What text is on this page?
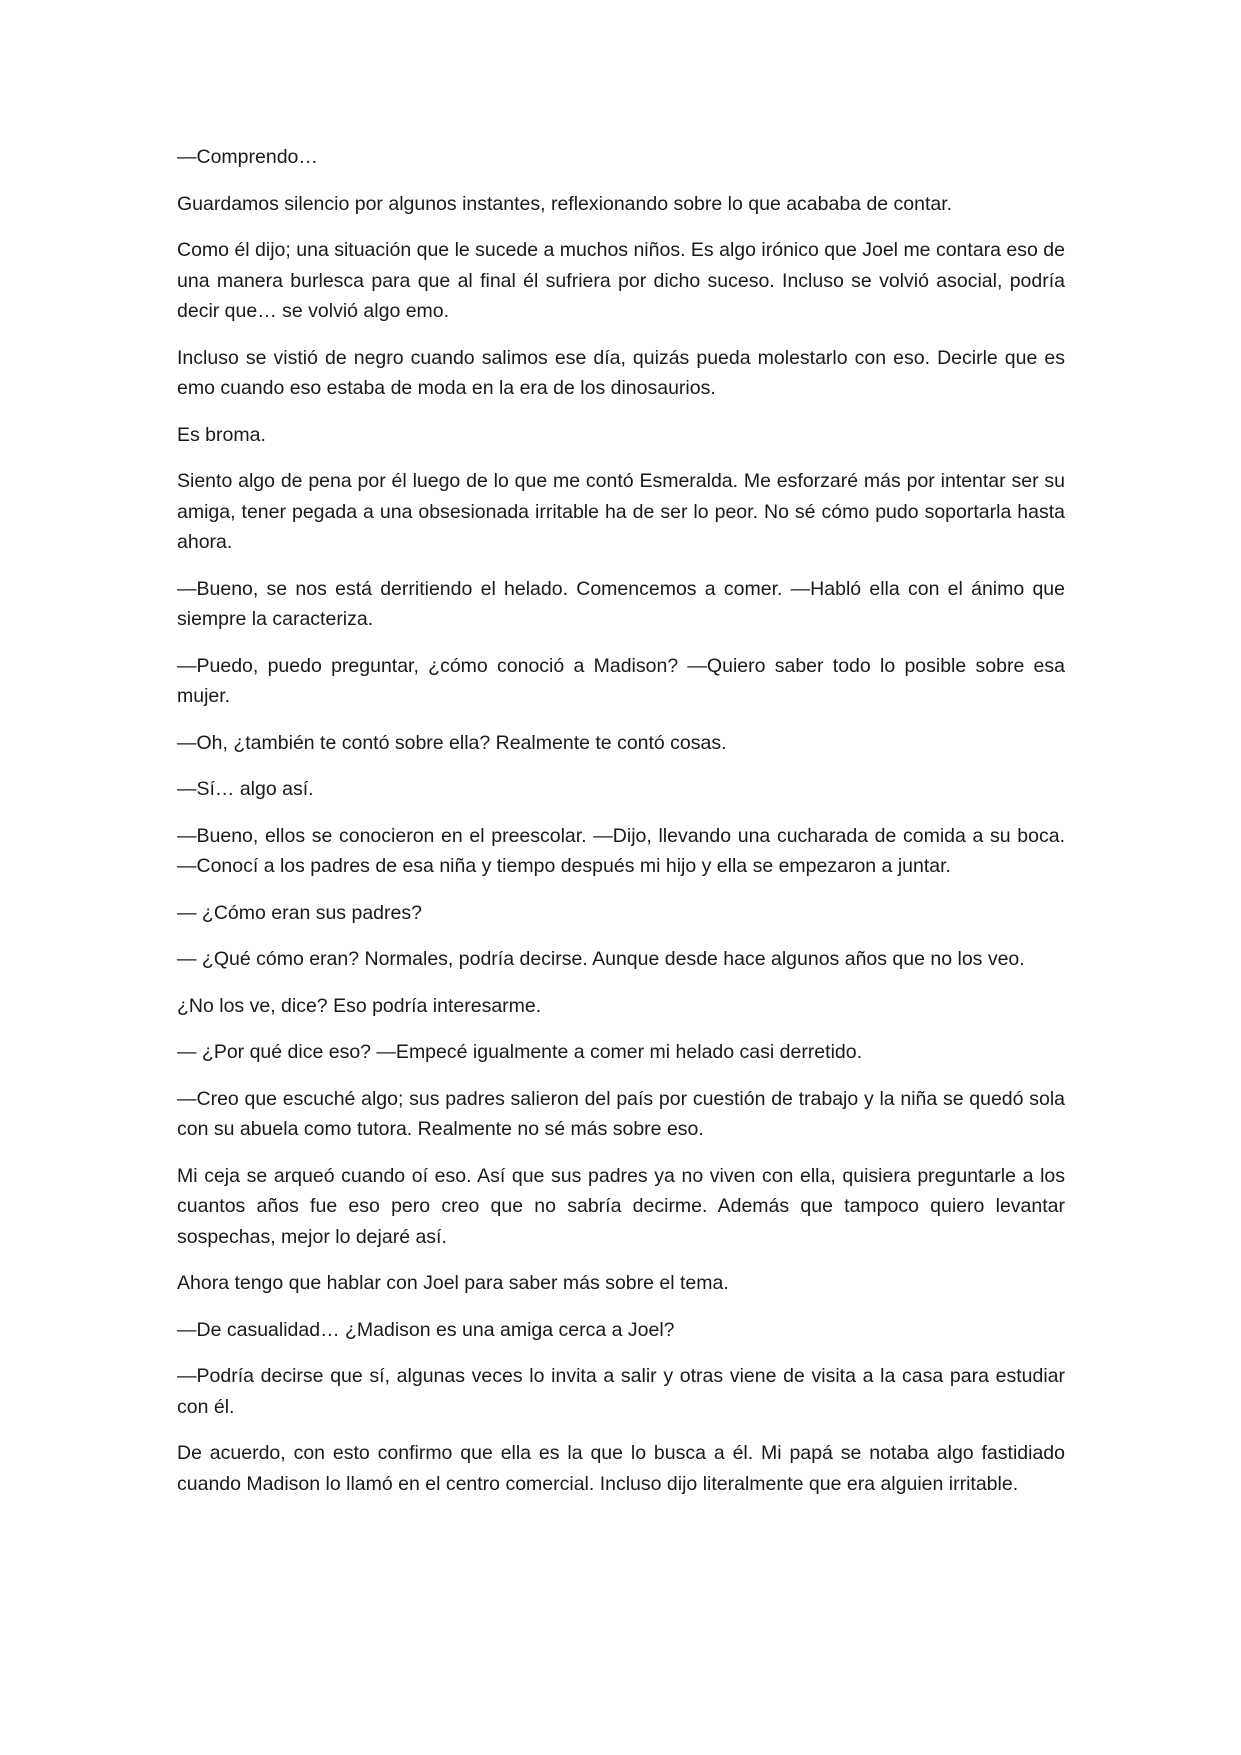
—Comprendo…

Guardamos silencio por algunos instantes, reflexionando sobre lo que acababa de contar.

Como él dijo; una situación que le sucede a muchos niños. Es algo irónico que Joel me contara eso de una manera burlesca para que al final él sufriera por dicho suceso. Incluso se volvió asocial, podría decir que… se volvió algo emo.

Incluso se vistió de negro cuando salimos ese día, quizás pueda molestarlo con eso. Decirle que es emo cuando eso estaba de moda en la era de los dinosaurios.

Es broma.

Siento algo de pena por él luego de lo que me contó Esmeralda. Me esforzaré más por intentar ser su amiga, tener pegada a una obsesionada irritable ha de ser lo peor. No sé cómo pudo soportarla hasta ahora.

—Bueno, se nos está derritiendo el helado. Comencemos a comer. —Habló ella con el ánimo que siempre la caracteriza.

—Puedo, puedo preguntar, ¿cómo conoció a Madison? —Quiero saber todo lo posible sobre esa mujer.

—Oh, ¿también te contó sobre ella? Realmente te contó cosas.

—Sí… algo así.

—Bueno, ellos se conocieron en el preescolar. —Dijo, llevando una cucharada de comida a su boca. —Conocí a los padres de esa niña y tiempo después mi hijo y ella se empezaron a juntar.

— ¿Cómo eran sus padres?

— ¿Qué cómo eran? Normales, podría decirse. Aunque desde hace algunos años que no los veo.

¿No los ve, dice? Eso podría interesarme.

— ¿Por qué dice eso? —Empecé igualmente a comer mi helado casi derretido.

—Creo que escuché algo; sus padres salieron del país por cuestión de trabajo y la niña se quedó sola con su abuela como tutora. Realmente no sé más sobre eso.

Mi ceja se arqueó cuando oí eso. Así que sus padres ya no viven con ella, quisiera preguntarle a los cuantos años fue eso pero creo que no sabría decirme. Además que tampoco quiero levantar sospechas, mejor lo dejaré así.

Ahora tengo que hablar con Joel para saber más sobre el tema.

—De casualidad… ¿Madison es una amiga cerca a Joel?

—Podría decirse que sí, algunas veces lo invita a salir y otras viene de visita a la casa para estudiar con él.

De acuerdo, con esto confirmo que ella es la que lo busca a él. Mi papá se notaba algo fastidiado cuando Madison lo llamó en el centro comercial. Incluso dijo literalmente que era alguien irritable.
